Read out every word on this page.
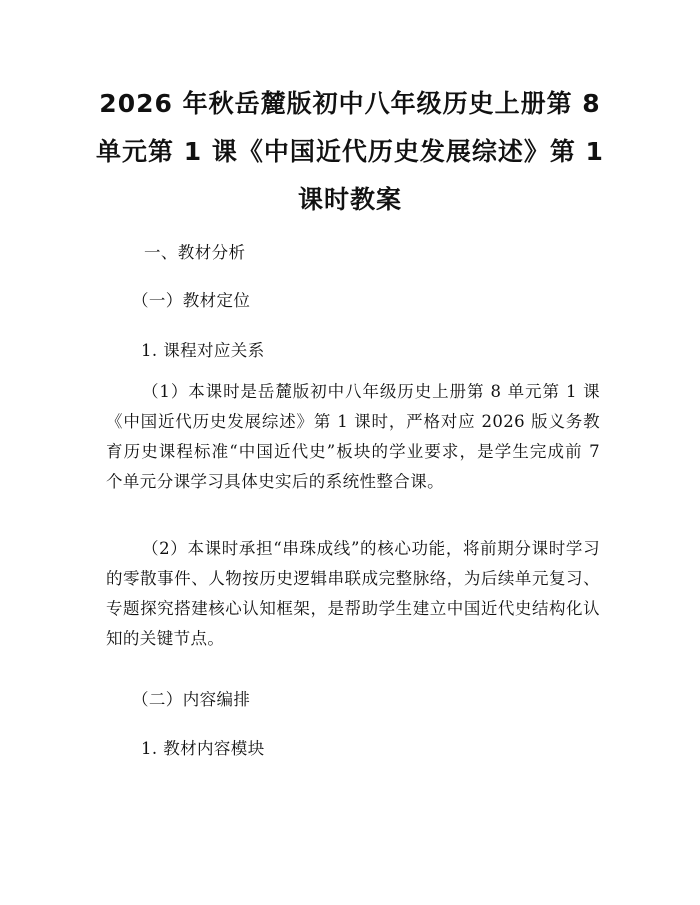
2026 年秋岳麓版初中八年级历史上册第 8 单元第 1 课《中国近代历史发展综述》第 1 课时教案

一、教材分析

（一）教材定位

1. 课程对应关系

（1）本课时是岳麓版初中八年级历史上册第 8 单元第 1 课《中国近代历史发展综述》第 1 课时，严格对应 2026 版义务教育历史课程标准“中国近代史”板块的学业要求，是学生完成前 7 个单元分课学习具体史实后的系统性整合课。

（2）本课时承担“串珠成线”的核心功能，将前期分课时学习的零散事件、人物按历史逻辑串联成完整脉络，为后续单元复习、专题探究搭建核心认知框架，是帮助学生建立中国近代史结构化认知的关键节点。

（二）内容编排

1. 教材内容模块
